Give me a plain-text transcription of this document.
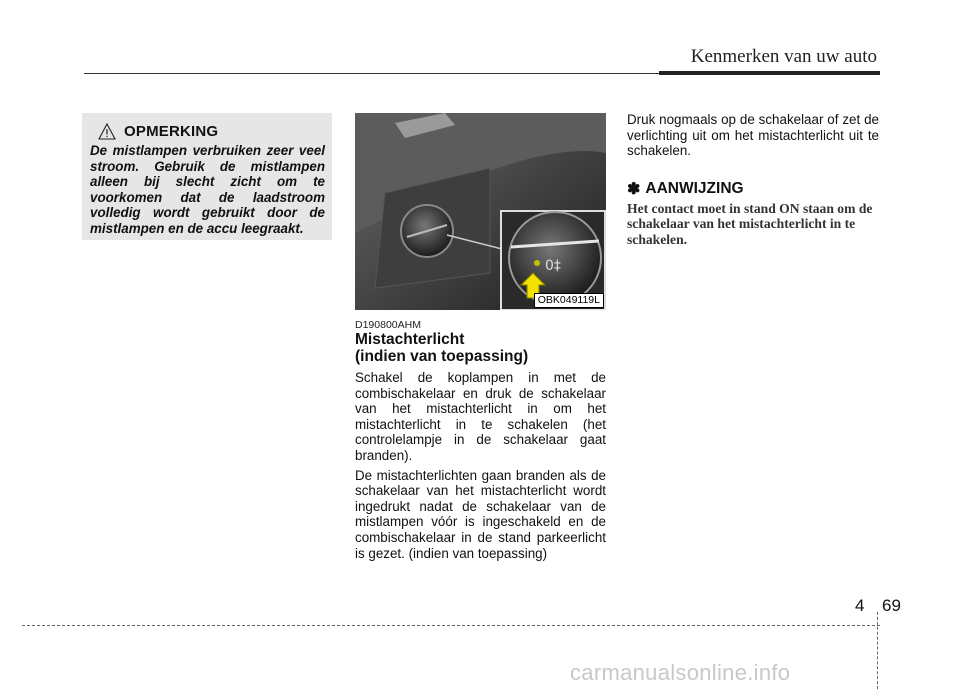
Kenmerken van uw auto
OPMERKING
De mistlampen verbruiken zeer veel stroom. Gebruik de mistlampen alleen bij slecht zicht om te voorkomen dat de laadstroom volledig wordt gebruikt door de mistlampen en de accu leegraakt.
0‡
OBK049119L
D190800AHM
Mistachterlicht
(indien van toepassing)

Schakel de koplampen in met de combischakelaar en druk de schakelaar van het mistachterlicht in om het mistachterlicht in te schakelen (het controlelampje in de schakelaar gaat branden).

De mistachterlichten gaan branden als de schakelaar van het mistachterlicht wordt ingedrukt nadat de schakelaar van de mistlampen vóór is ingeschakeld en de combischakelaar in de stand parkeerlicht is gezet. (indien van toepassing)

Druk nogmaals op de schakelaar of zet de verlichting uit om het mistachterlicht uit te schakelen.

✽ AANWIJZING
Het contact moet in stand ON staan om de schakelaar van het mistachterlicht in te schakelen.
4 69
carmanualsonline.info
